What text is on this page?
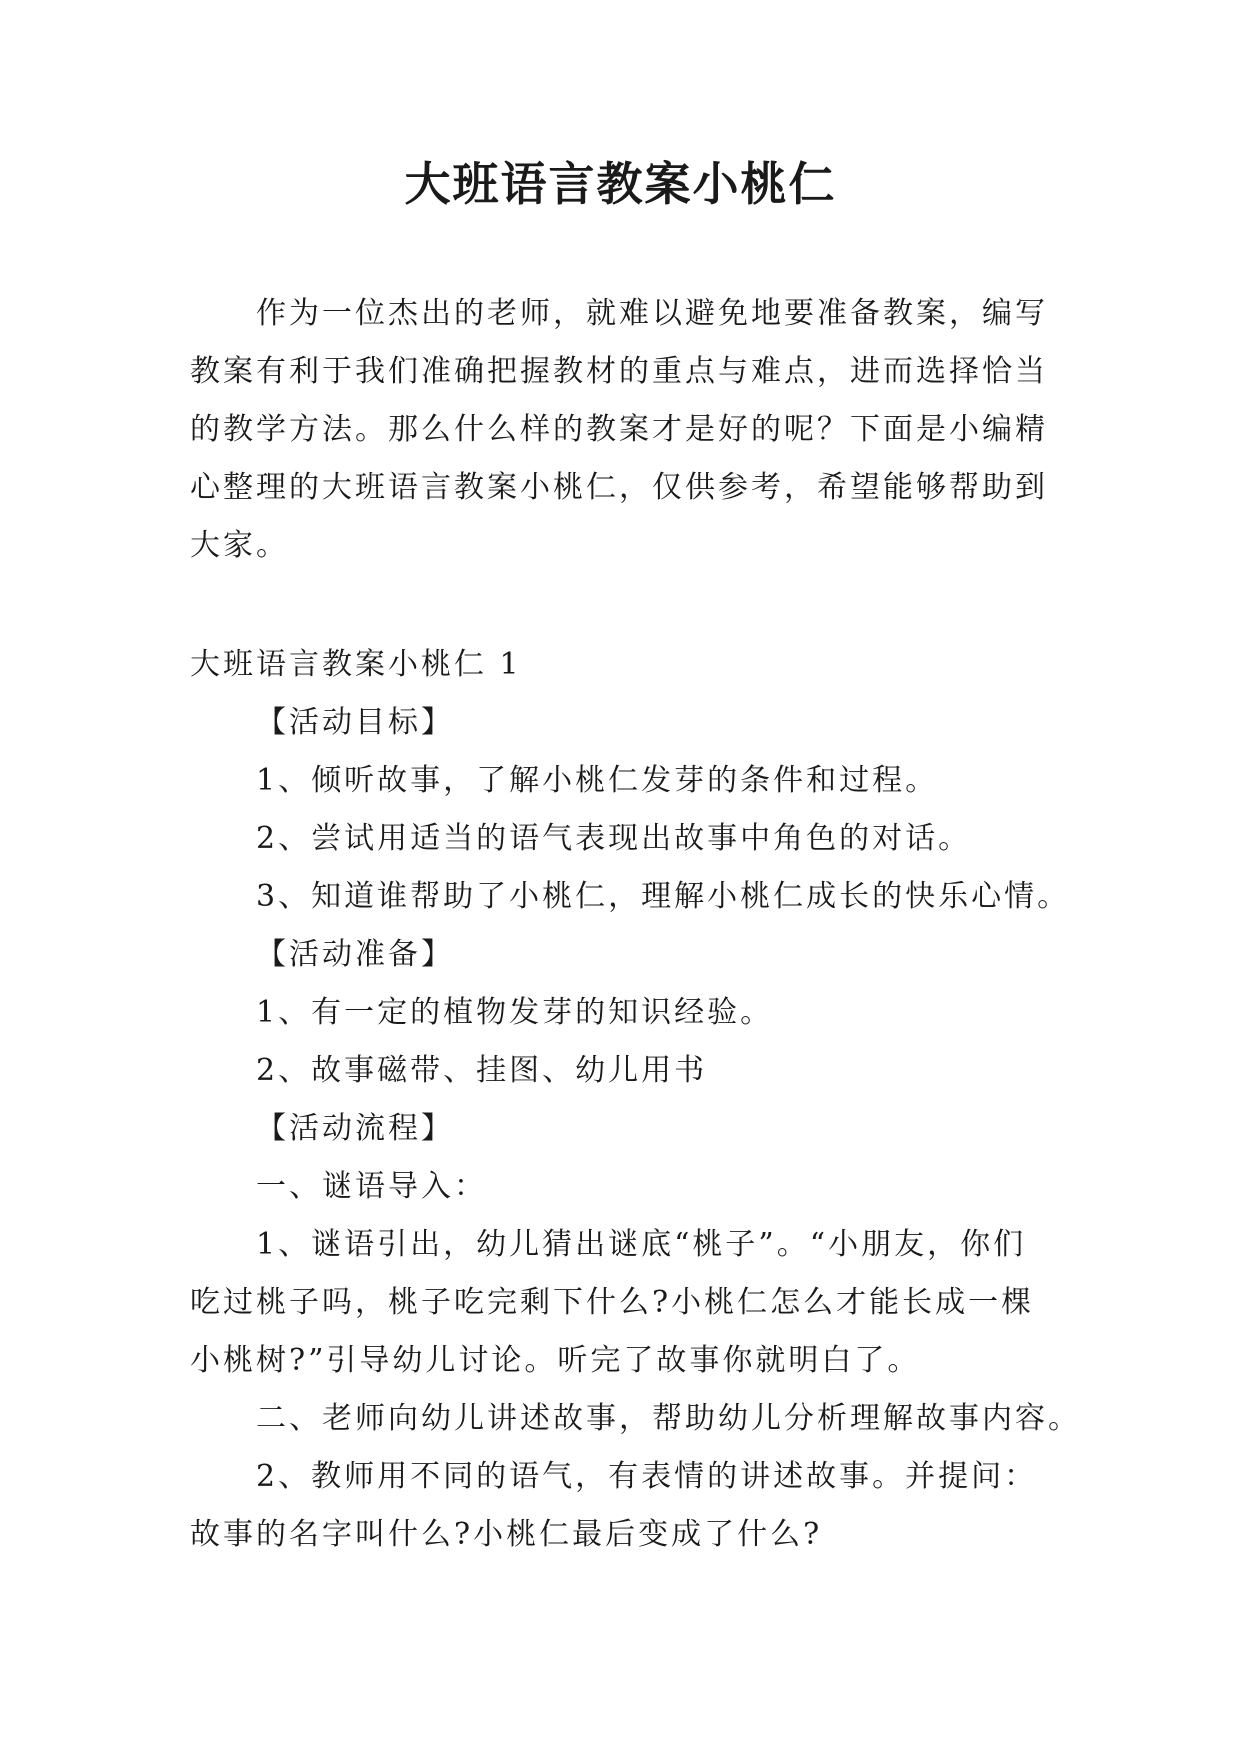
大班语言教案小桃仁

作为一位杰出的老师，就难以避免地要准备教案，编写教案有利于我们准确把握教材的重点与难点，进而选择恰当的教学方法。那么什么样的教案才是好的呢？下面是小编精心整理的大班语言教案小桃仁，仅供参考，希望能够帮助到大家。

大班语言教案小桃仁 1

【活动目标】

1、倾听故事，了解小桃仁发芽的条件和过程。

2、尝试用适当的语气表现出故事中角色的对话。

3、知道谁帮助了小桃仁，理解小桃仁成长的快乐心情。

【活动准备】

1、有一定的植物发芽的知识经验。

2、故事磁带、挂图、幼儿用书

【活动流程】

一、谜语导入：

1、谜语引出，幼儿猜出谜底“桃子”。“小朋友，你们吃过桃子吗，桃子吃完剩下什么?小桃仁怎么才能长成一棵小桃树?”引导幼儿讨论。听完了故事你就明白了。

二、老师向幼儿讲述故事，帮助幼儿分析理解故事内容。

2、教师用不同的语气，有表情的讲述故事。并提问：故事的名字叫什么?小桃仁最后变成了什么?
